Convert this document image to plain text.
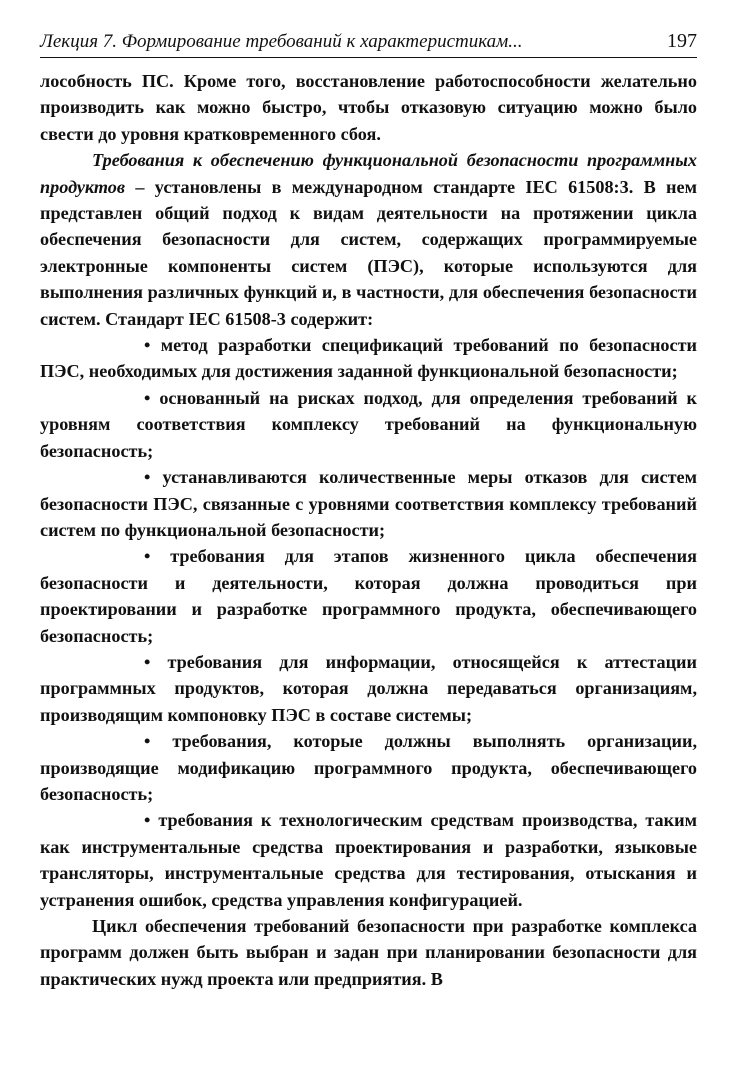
Лекция 7. Формирование требований к характеристикам...	197

лособность ПС. Кроме того, восстановление работоспособности желательно производить как можно быстро, чтобы отказовую ситуацию можно было свести до уровня кратковременного сбоя.

Требования к обеспечению функциональной безопасности программных продуктов – установлены в международном стандарте IEC 61508:3. В нем представлен общий подход к видам деятельности на протяжении цикла обеспечения безопасности для систем, содержащих программируемые электронные компоненты систем (ПЭС), которые используются для выполнения различных функций и, в частности, для обеспечения безопасности систем. Стандарт IEC 61508-3 содержит:

• метод разработки спецификаций требований по безопасности ПЭС, необходимых для достижения заданной функциональной безопасности;

• основанный на рисках подход, для определения требований к уровням соответствия комплексу требований на функциональную безопасность;

• устанавливаются количественные меры отказов для систем безопасности ПЭС, связанные с уровнями соответствия комплексу требований систем по функциональной безопасности;

• требования для этапов жизненного цикла обеспечения безопасности и деятельности, которая должна проводиться при проектировании и разработке программного продукта, обеспечивающего безопасность;

• требования для информации, относящейся к аттестации программных продуктов, которая должна передаваться организациям, производящим компоновку ПЭС в составе системы;

• требования, которые должны выполнять организации, производящие модификацию программного продукта, обеспечивающего безопасность;

• требования к технологическим средствам производства, таким как инструментальные средства проектирования и разработки, языковые трансляторы, инструментальные средства для тестирования, отыскания и устранения ошибок, средства управления конфигурацией.

Цикл обеспечения требований безопасности при разработке комплекса программ должен быть выбран и задан при планировании безопасности для практических нужд проекта или предприятия. В
